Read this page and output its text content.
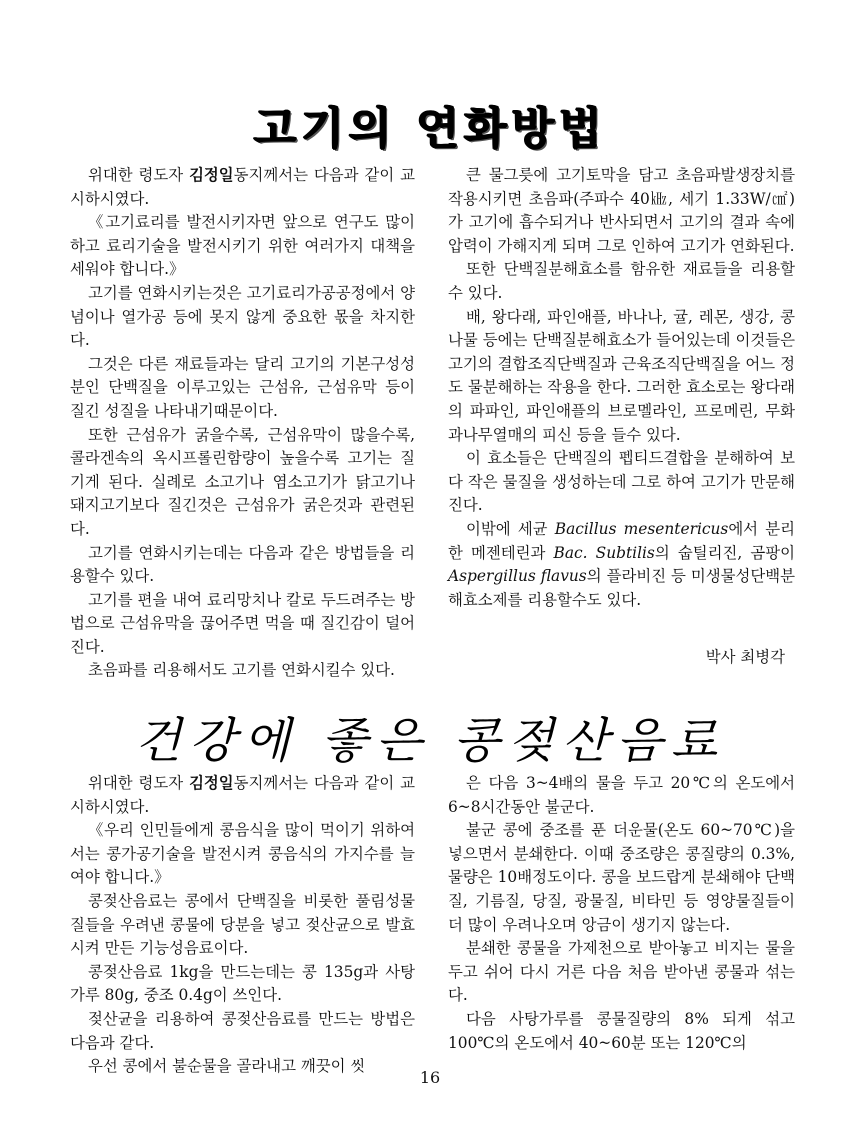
고기의 연화방법

위대한 령도자 김정일동지께서는 다음과 같이 교시하시였다.

《고기료리를 발전시키자면 앞으로 연구도 많이 하고 료리기술을 발전시키기 위한 여러가지 대책을 세워야 합니다.》

고기를 연화시키는것은 고기료리가공공정에서 양념이나 열가공 등에 못지 않게 중요한 몫을 차지한다.

그것은 다른 재료들과는 달리 고기의 기본구성성분인 단백질을 이루고있는 근섬유, 근섬유막 등이 질긴 성질을 나타내기때문이다.

또한 근섬유가 굵을수록, 근섬유막이 많을수록, 콜라겐속의 옥시프롤린함량이 높을수록 고기는 질기게 된다. 실례로 소고기나 염소고기가 닭고기나 돼지고기보다 질긴것은 근섬유가 굵은것과 관련된다.

고기를 연화시키는데는 다음과 같은 방법들을 리용할수 있다.

고기를 편을 내여 료리망치나 칼로 두드려주는 방법으로 근섬유막을 끊어주면 먹을 때 질긴감이 덜어진다.

초음파를 리용해서도 고기를 연화시킬수 있다.

큰 물그릇에 고기토막을 담고 초음파발생장치를 작용시키면 초음파(주파수 40㎑, 세기 1.33W/㎠)가 고기에 흡수되거나 반사되면서 고기의 결과 속에 압력이 가해지게 되며 그로 인하여 고기가 연화된다.

또한 단백질분해효소를 함유한 재료들을 리용할수 있다.

배, 왕다래, 파인애플, 바나나, 귤, 레몬, 생강, 콩나물 등에는 단백질분해효소가 들어있는데 이것들은 고기의 결합조직단백질과 근육조직단백질을 어느 정도 물분해하는 작용을 한다. 그러한 효소로는 왕다래의 파파인, 파인애플의 브로멜라인, 프로메린, 무화과나무열매의 피신 등을 들수 있다.

이 효소들은 단백질의 펩티드결합을 분해하여 보다 작은 물질을 생성하는데 그로 하여 고기가 만문해진다.

이밖에 세균 Bacillus mesentericus에서 분리한 메젠테린과 Bac. Subtilis의 숩틸리진, 곰팡이 Aspergillus flavus의 플라비진 등 미생물성단백분해효소제를 리용할수도 있다.

박사 최병각

건강에 좋은 콩젖산음료

위대한 령도자 김정일동지께서는 다음과 같이 교시하시였다.

《우리 인민들에게 콩음식을 많이 먹이기 위하여서는 콩가공기술을 발전시켜 콩음식의 가지수를 늘여야 합니다.》

콩젖산음료는 콩에서 단백질을 비롯한 풀림성물질들을 우려낸 콩물에 당분을 넣고 젖산균으로 발효시켜 만든 기능성음료이다.

콩젖산음료 1kg을 만드는데는 콩 135g과 사탕가루 80g, 중조 0.4g이 쓰인다.

젖산균을 리용하여 콩젖산음료를 만드는 방법은 다음과 같다.

우선 콩에서 불순물을 골라내고 깨끗이 씻

은 다음 3~4배의 물을 두고 20℃의 온도에서 6~8시간동안 불군다.

불군 콩에 중조를 푼 더운물(온도 60~70℃)을 넣으면서 분쇄한다. 이때 중조량은 콩질량의 0.3%, 물량은 10배정도이다. 콩을 보드랍게 분쇄해야 단백질, 기름질, 당질, 광물질, 비타민 등 영양물질들이 더 많이 우려나오며 앙금이 생기지 않는다.

분쇄한 콩물을 가제천으로 받아놓고 비지는 물을 두고 쉬어 다시 거른 다음 처음 받아낸 콩물과 섞는다.

다음 사탕가루를 콩물질량의 8% 되게 섞고 100℃의 온도에서 40~60분 또는 120℃의

16
